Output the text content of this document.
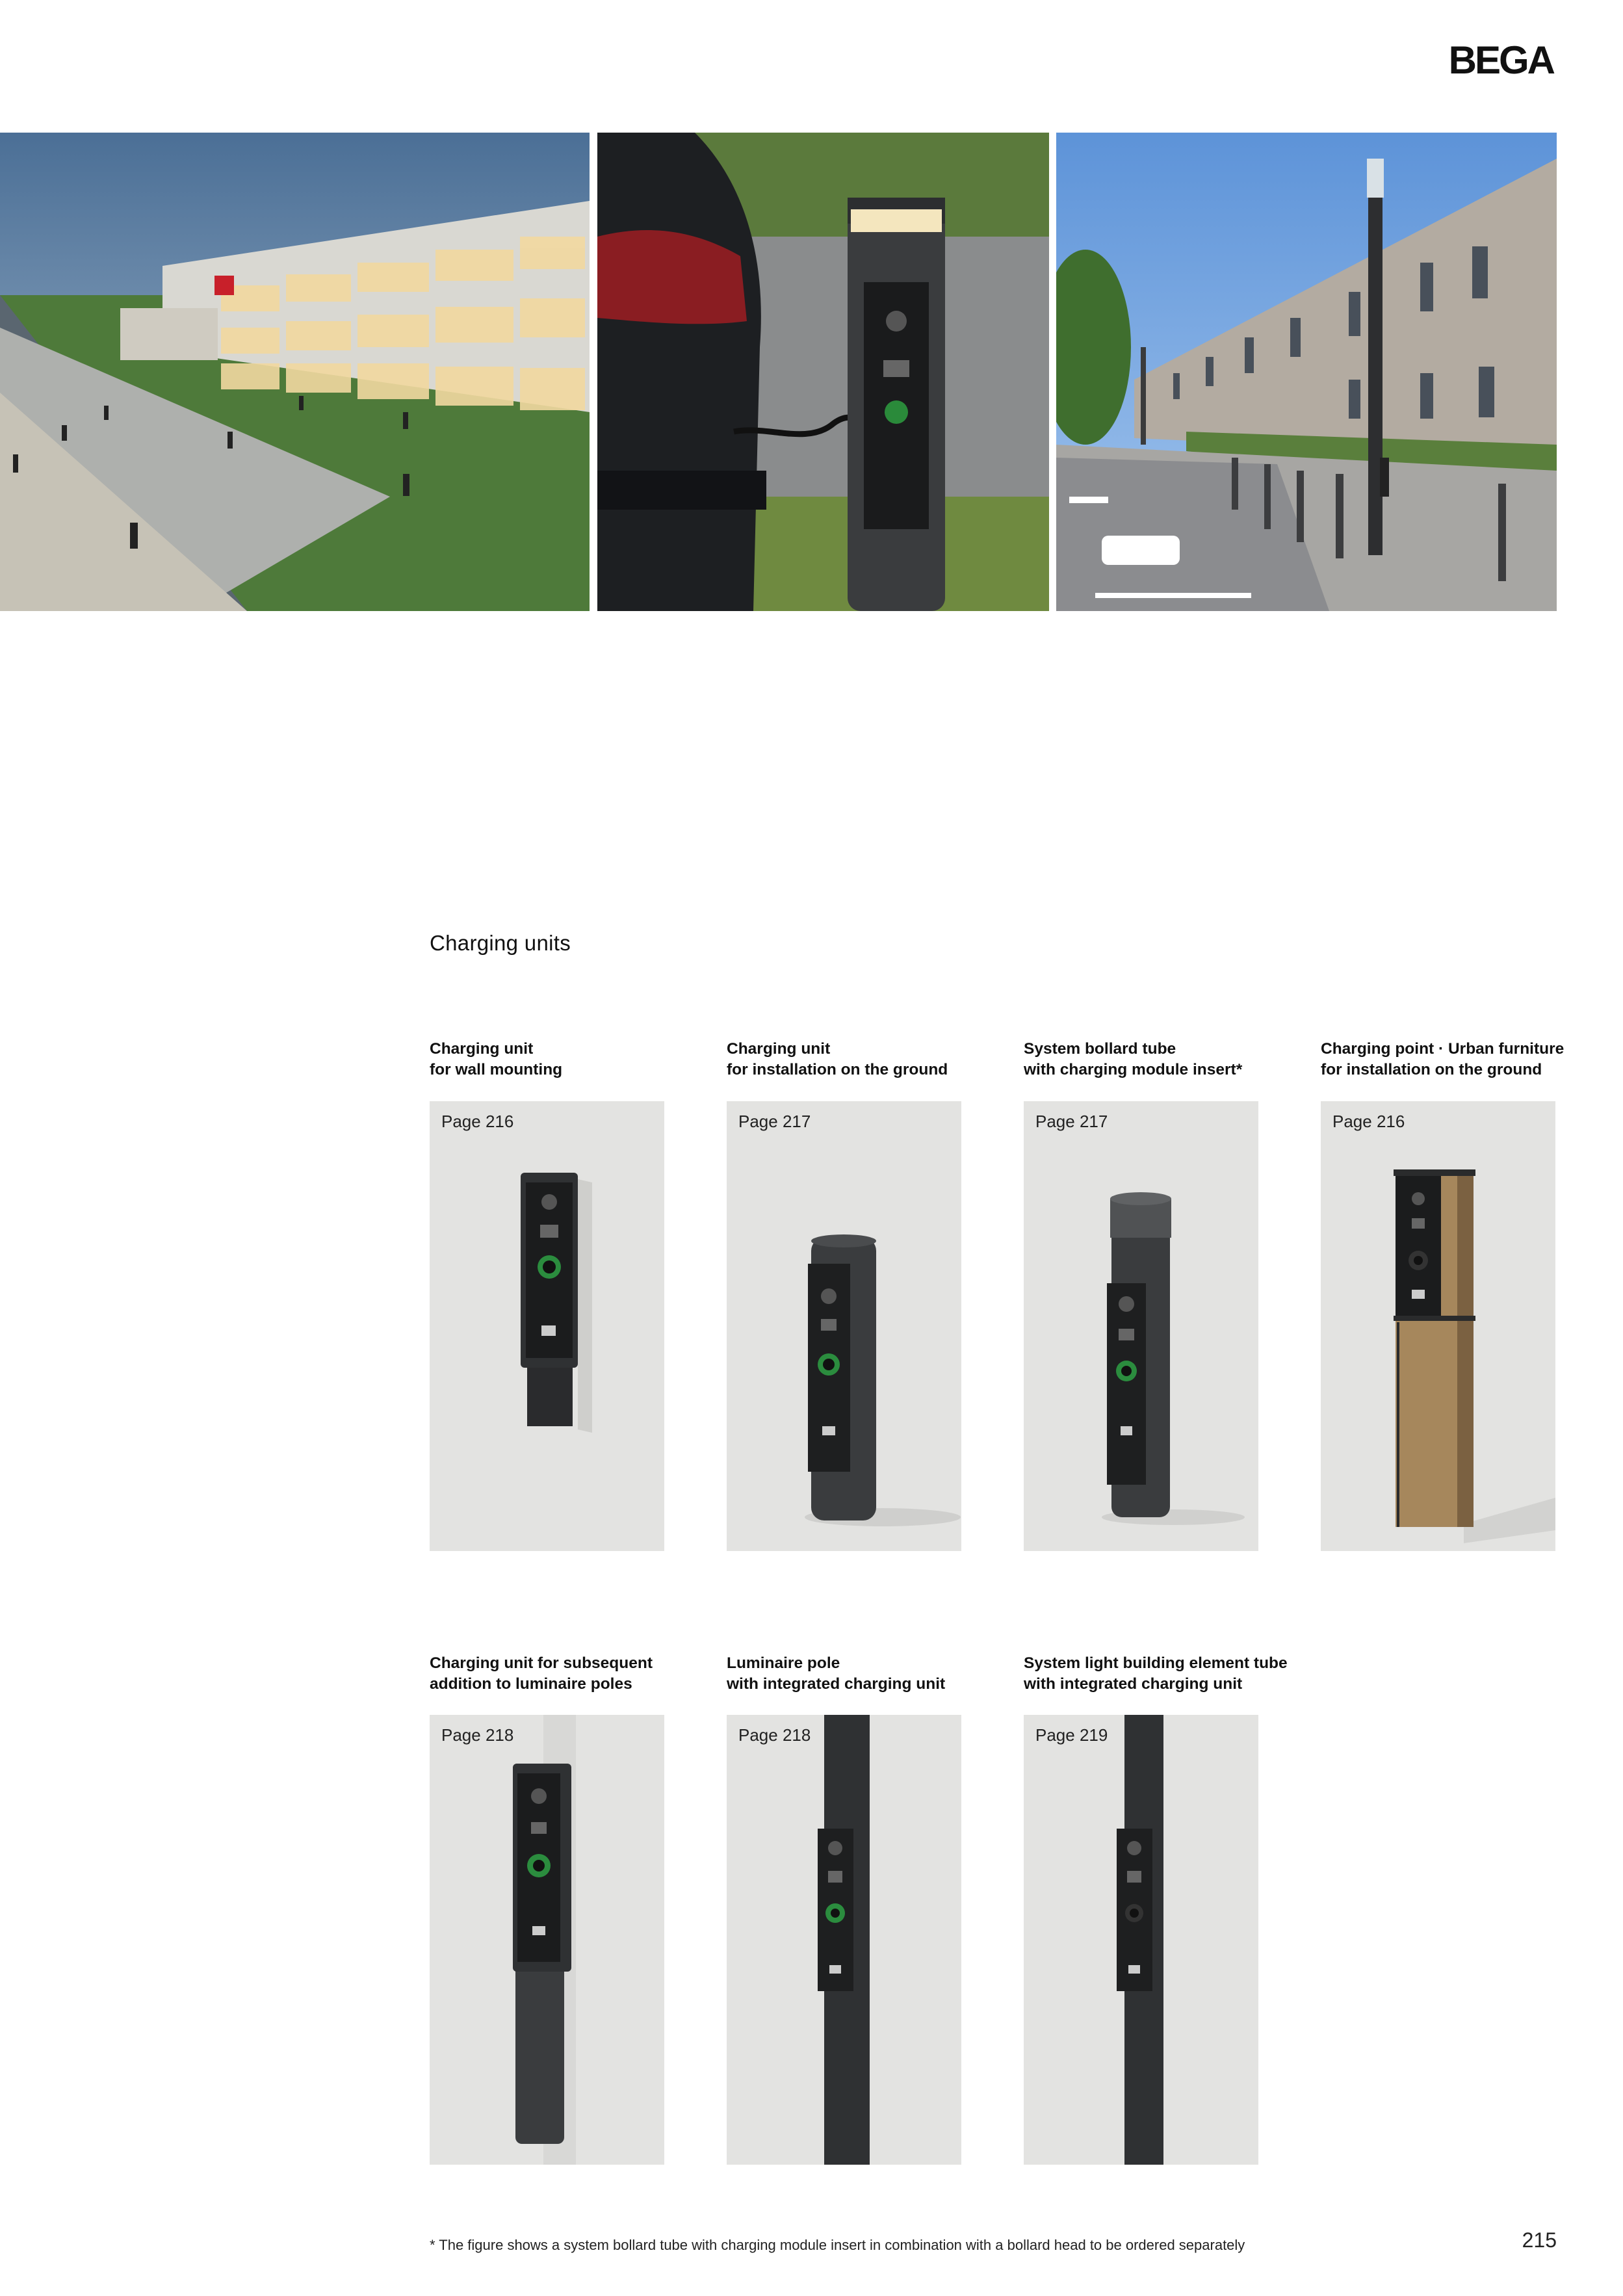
BEGA
Charging units
Charging unit
for wall mounting
Charging unit
for installation on the ground
System bollard tube
with charging module insert*
Charging point · Urban furniture
for installation on the ground
Page 216	Page 217	Page 217	Page 216
Charging unit for subsequent
addition to luminaire poles
Luminaire pole
with integrated charging unit
System light building element tube
with integrated charging unit
Page 218	Page 218	Page 219
* The figure shows a system bollard tube with charging module insert in combination with a bollard head to be ordered separately	215
